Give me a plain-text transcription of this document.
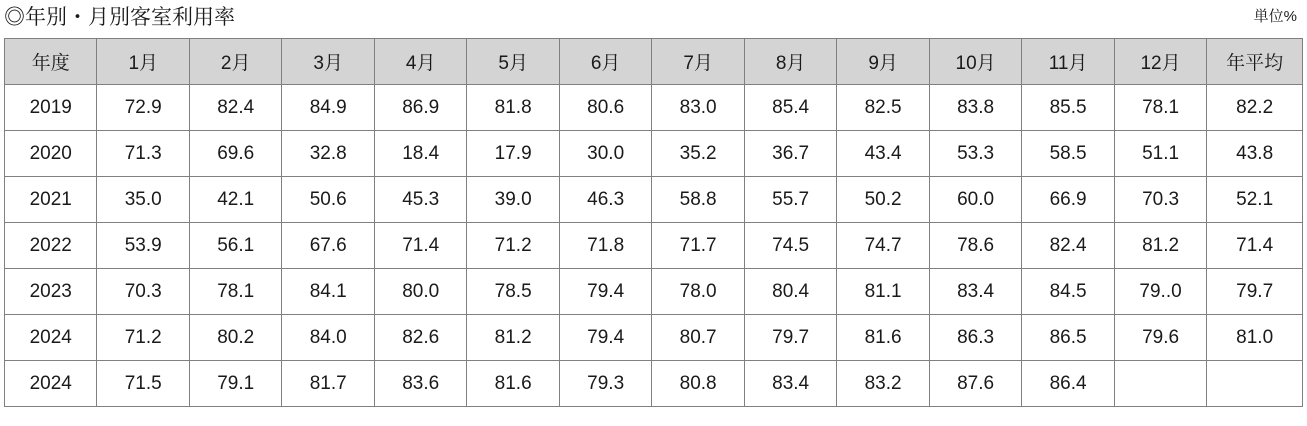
◎年別・月別客室利用率	単位%
年度	1月	2月	3月	4月	5月	6月	7月	8月	9月	10月	11月	12月	年平均
2019	72.9	82.4	84.9	86.9	81.8	80.6	83.0	85.4	82.5	83.8	85.5	78.1	82.2
2020	71.3	69.6	32.8	18.4	17.9	30.0	35.2	36.7	43.4	53.3	58.5	51.1	43.8
2021	35.0	42.1	50.6	45.3	39.0	46.3	58.8	55.7	50.2	60.0	66.9	70.3	52.1
2022	53.9	56.1	67.6	71.4	71.2	71.8	71.7	74.5	74.7	78.6	82.4	81.2	71.4
2023	70.3	78.1	84.1	80.0	78.5	79.4	78.0	80.4	81.1	83.4	84.5	79..0	79.7
2024	71.2	80.2	84.0	82.6	81.2	79.4	80.7	79.7	81.6	86.3	86.5	79.6	81.0
2024	71.5	79.1	81.7	83.6	81.6	79.3	80.8	83.4	83.2	87.6	86.4		
